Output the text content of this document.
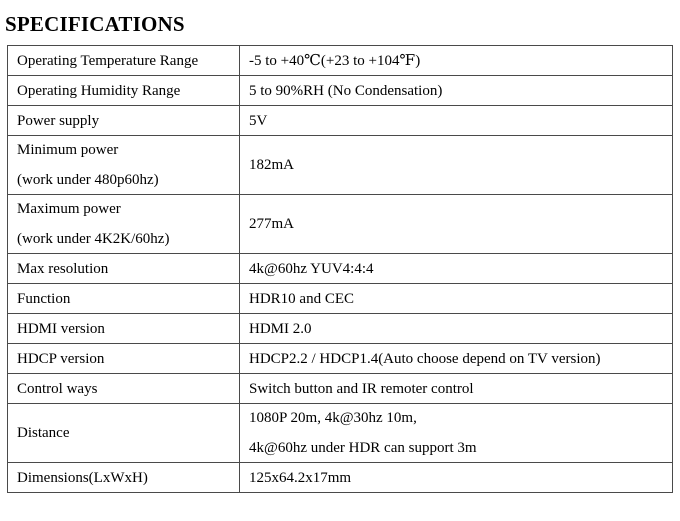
SPECIFICATIONS
Operating Temperature Range	-5 to +40℃(+23 to +104℉)

Operating Humidity Range	5 to 90%RH (No Condensation)

Power supply	5V

Minimum power
(work under 480p60hz)	182mA

Maximum power
(work under 4K2K/60hz)	277mA

Max resolution	4k@60hz YUV4:4:4

Function	HDR10 and CEC

HDMI version	HDMI 2.0

HDCP version	HDCP2.2 / HDCP1.4(Auto choose depend on TV version)

Control ways	Switch button and IR remoter control

Distance	1080P 20m, 4k@30hz 10m,
4k@60hz under HDR can support 3m

Dimensions(LxWxH)	125x64.2x17mm
